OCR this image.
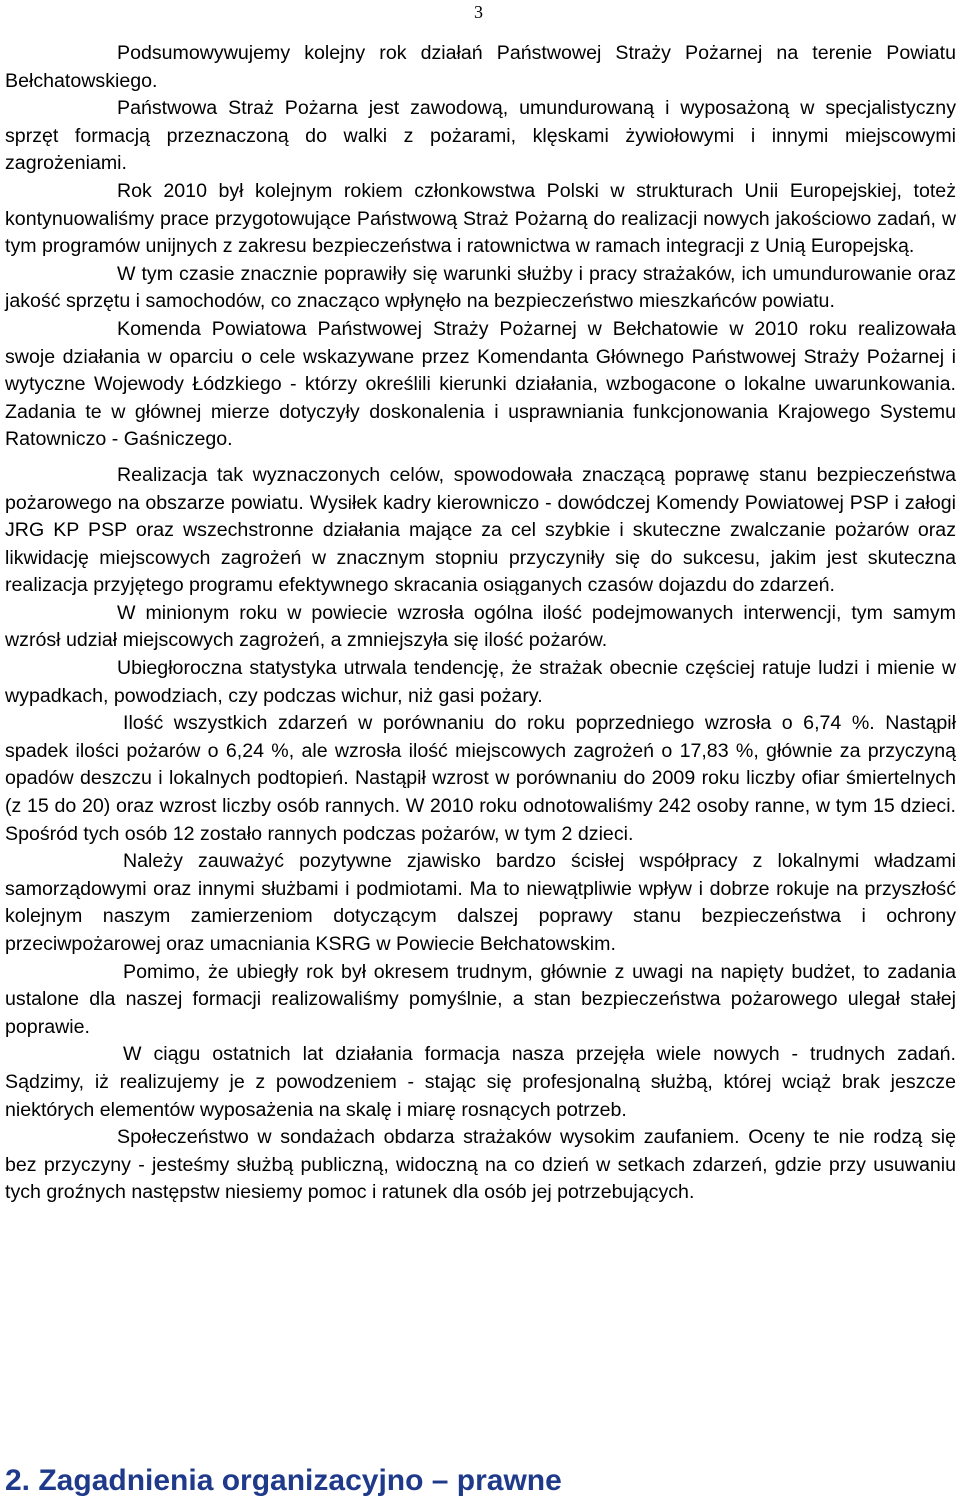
3

Podsumowywujemy kolejny rok działań Państwowej Straży Pożarnej na terenie Powiatu Bełchatowskiego.

Państwowa Straż Pożarna jest zawodową, umundurowaną i wyposażoną w specjalistyczny sprzęt formacją przeznaczoną do walki z pożarami, klęskami żywiołowymi i innymi miejscowymi zagrożeniami.

Rok 2010 był kolejnym rokiem członkowstwa Polski w strukturach Unii Europejskiej, toteż kontynuowaliśmy prace przygotowujące Państwową Straż Pożarną do realizacji nowych jakościowo zadań, w tym programów unijnych z zakresu bezpieczeństwa i ratownictwa w ramach integracji z Unią Europejską.

W tym czasie znacznie poprawiły się warunki służby i pracy strażaków, ich umundurowanie oraz jakość sprzętu i samochodów, co znacząco wpłynęło na bezpieczeństwo mieszkańców powiatu.

Komenda Powiatowa Państwowej Straży Pożarnej w Bełchatowie w 2010 roku realizowała swoje działania w oparciu o cele wskazywane przez Komendanta Głównego Państwowej Straży Pożarnej i wytyczne Wojewody Łódzkiego - którzy określili kierunki działania, wzbogacone o lokalne uwarunkowania. Zadania te w głównej mierze dotyczyły doskonalenia i usprawniania funkcjonowania Krajowego Systemu Ratowniczo - Gaśniczego.

Realizacja tak wyznaczonych celów, spowodowała znaczącą poprawę stanu bezpieczeństwa pożarowego na obszarze powiatu. Wysiłek kadry kierowniczo - dowódczej Komendy Powiatowej PSP i załogi JRG KP PSP oraz wszechstronne działania mające za cel szybkie i skuteczne zwalczanie pożarów oraz likwidację miejscowych zagrożeń w znacznym stopniu przyczyniły się do sukcesu, jakim jest skuteczna realizacja przyjętego programu efektywnego skracania osiąganych czasów dojazdu do zdarzeń.

W minionym roku w powiecie wzrosła ogólna ilość podejmowanych interwencji, tym samym wzrósł udział miejscowych zagrożeń, a zmniejszyła się ilość pożarów.

Ubiegłoroczna statystyka utrwala tendencję, że strażak obecnie częściej ratuje ludzi i mienie w wypadkach, powodziach, czy podczas wichur, niż gasi pożary.

Ilość wszystkich zdarzeń w porównaniu do roku poprzedniego wzrosła o 6,74 %. Nastąpił spadek ilości pożarów o 6,24 %, ale wzrosła ilość miejscowych zagrożeń o 17,83 %, głównie za przyczyną opadów deszczu i lokalnych podtopień. Nastąpił wzrost w porównaniu do 2009 roku liczby ofiar śmiertelnych (z 15 do 20) oraz wzrost liczby osób rannych. W 2010 roku odnotowaliśmy 242 osoby ranne, w tym 15 dzieci. Spośród tych osób 12 zostało rannych podczas pożarów, w tym 2 dzieci.

Należy zauważyć pozytywne zjawisko bardzo ścisłej współpracy z lokalnymi władzami samorządowymi oraz innymi służbami i podmiotami. Ma to niewątpliwie wpływ i dobrze rokuje na przyszłość kolejnym naszym zamierzeniom dotyczącym dalszej poprawy stanu bezpieczeństwa i ochrony przeciwpożarowej oraz umacniania KSRG w Powiecie Bełchatowskim.

Pomimo, że ubiegły rok był okresem trudnym, głównie z uwagi na napięty budżet, to zadania ustalone dla naszej formacji realizowaliśmy pomyślnie, a stan bezpieczeństwa pożarowego ulegał stałej poprawie.

W ciągu ostatnich lat działania formacja nasza przejęła wiele nowych - trudnych zadań. Sądzimy, iż realizujemy je z powodzeniem - stając się profesjonalną służbą, której wciąż brak jeszcze niektórych elementów wyposażenia na skalę i miarę rosnących potrzeb.

Społeczeństwo w sondażach obdarza strażaków wysokim zaufaniem. Oceny te nie rodzą się bez przyczyny - jesteśmy służbą publiczną, widoczną na co dzień w setkach zdarzeń, gdzie przy usuwaniu tych groźnych następstw niesiemy pomoc i ratunek dla osób jej potrzebujących.

2. Zagadnienia organizacyjno – prawne
